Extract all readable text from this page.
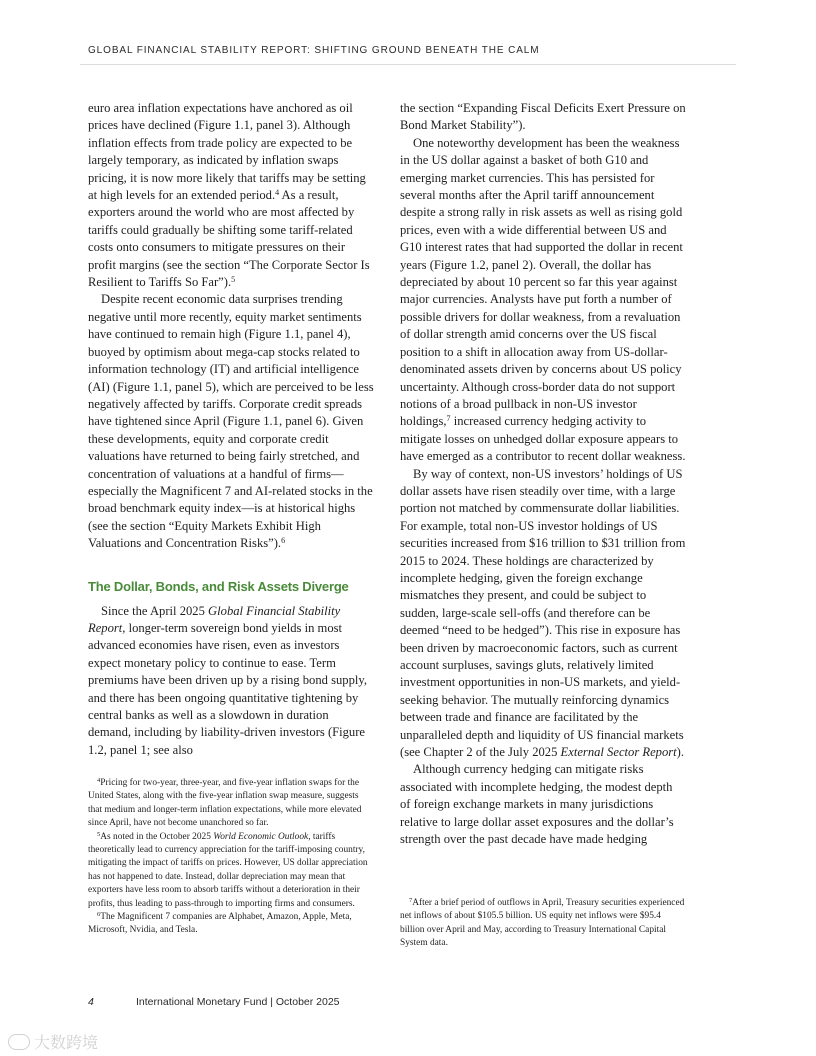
GLOBAL FINANCIAL STABILITY REPORT: SHIFTING GROUND BENEATH THE CALM

euro area inflation expectations have anchored as oil prices have declined (Figure 1.1, panel 3). Although inflation effects from trade policy are expected to be largely temporary, as indicated by inflation swaps pricing, it is now more likely that tariffs may be setting at high levels for an extended period.$^4$ As a result, exporters around the world who are most affected by tariffs could gradually be shifting some tariff-related costs onto consumers to mitigate pressures on their profit margins (see the section “The Corporate Sector Is Resilient to Tariffs So Far”).$^5$

Despite recent economic data surprises trending negative until more recently, equity market sentiments have continued to remain high (Figure 1.1, panel 4), buoyed by optimism about mega-cap stocks related to information technology (IT) and artificial intelligence (AI) (Figure 1.1, panel 5), which are perceived to be less negatively affected by tariffs. Corporate credit spreads have tightened since April (Figure 1.1, panel 6). Given these developments, equity and corporate credit valuations have returned to being fairly stretched, and concentration of valuations at a handful of firms—especially the Magnificent 7 and AI-related stocks in the broad benchmark equity index—is at historical highs (see the section “Equity Markets Exhibit High Valuations and Concentration Risks”).$^6$

The Dollar, Bonds, and Risk Assets Diverge

Since the April 2025 Global Financial Stability Report, longer-term sovereign bond yields in most advanced economies have risen, even as investors expect monetary policy to continue to ease. Term premiums have been driven up by a rising bond supply, and there has been ongoing quantitative tightening by central banks as well as a slowdown in duration demand, including by liability-driven investors (Figure 1.2, panel 1; see also

the section “Expanding Fiscal Deficits Exert Pressure on Bond Market Stability”).

One noteworthy development has been the weakness in the US dollar against a basket of both G10 and emerging market currencies. This has persisted for several months after the April tariff announcement despite a strong rally in risk assets as well as rising gold prices, even with a wide differential between US and G10 interest rates that had supported the dollar in recent years (Figure 1.2, panel 2). Overall, the dollar has depreciated by about 10 percent so far this year against major currencies. Analysts have put forth a number of possible drivers for dollar weakness, from a revaluation of dollar strength amid concerns over the US fiscal position to a shift in allocation away from US-dollar-denominated assets driven by concerns about US policy uncertainty. Although cross-border data do not support notions of a broad pullback in non-US investor holdings,$^7$ increased currency hedging activity to mitigate losses on unhedged dollar exposure appears to have emerged as a contributor to recent dollar weakness.

By way of context, non-US investors’ holdings of US dollar assets have risen steadily over time, with a large portion not matched by commensurate dollar liabilities. For example, total non-US investor holdings of US securities increased from $16 trillion to $31 trillion from 2015 to 2024. These holdings are characterized by incomplete hedging, given the foreign exchange mismatches they present, and could be subject to sudden, large-scale sell-offs (and therefore can be deemed “need to be hedged”). This rise in exposure has been driven by macroeconomic factors, such as current account surpluses, savings gluts, relatively limited investment opportunities in non-US markets, and yield-seeking behavior. The mutually reinforcing dynamics between trade and finance are facilitated by the unparalleled depth and liquidity of US financial markets (see Chapter 2 of the July 2025 External Sector Report).

Although currency hedging can mitigate risks associated with incomplete hedging, the modest depth of foreign exchange markets in many jurisdictions relative to large dollar asset exposures and the dollar’s strength over the past decade have made hedging

$^4$Pricing for two-year, three-year, and five-year inflation swaps for the United States, along with the five-year inflation swap measure, suggests that medium and longer-term inflation expectations, while more elevated since April, have not become unanchored so far.

$^5$As noted in the October 2025 World Economic Outlook, tariffs theoretically lead to currency appreciation for the tariff-imposing country, mitigating the impact of tariffs on prices. However, US dollar appreciation has not happened to date. Instead, dollar depreciation may mean that exporters have less room to absorb tariffs without a deterioration in their profits, thus leading to pass-through to importing firms and consumers.

$^6$The Magnificent 7 companies are Alphabet, Amazon, Apple, Meta, Microsoft, Nvidia, and Tesla.

$^7$After a brief period of outflows in April, Treasury securities experienced net inflows of about $105.5 billion. US equity net inflows were $95.4 billion over April and May, according to Treasury International Capital System data.

4	International Monetary Fund | October 2025
大数跨境
